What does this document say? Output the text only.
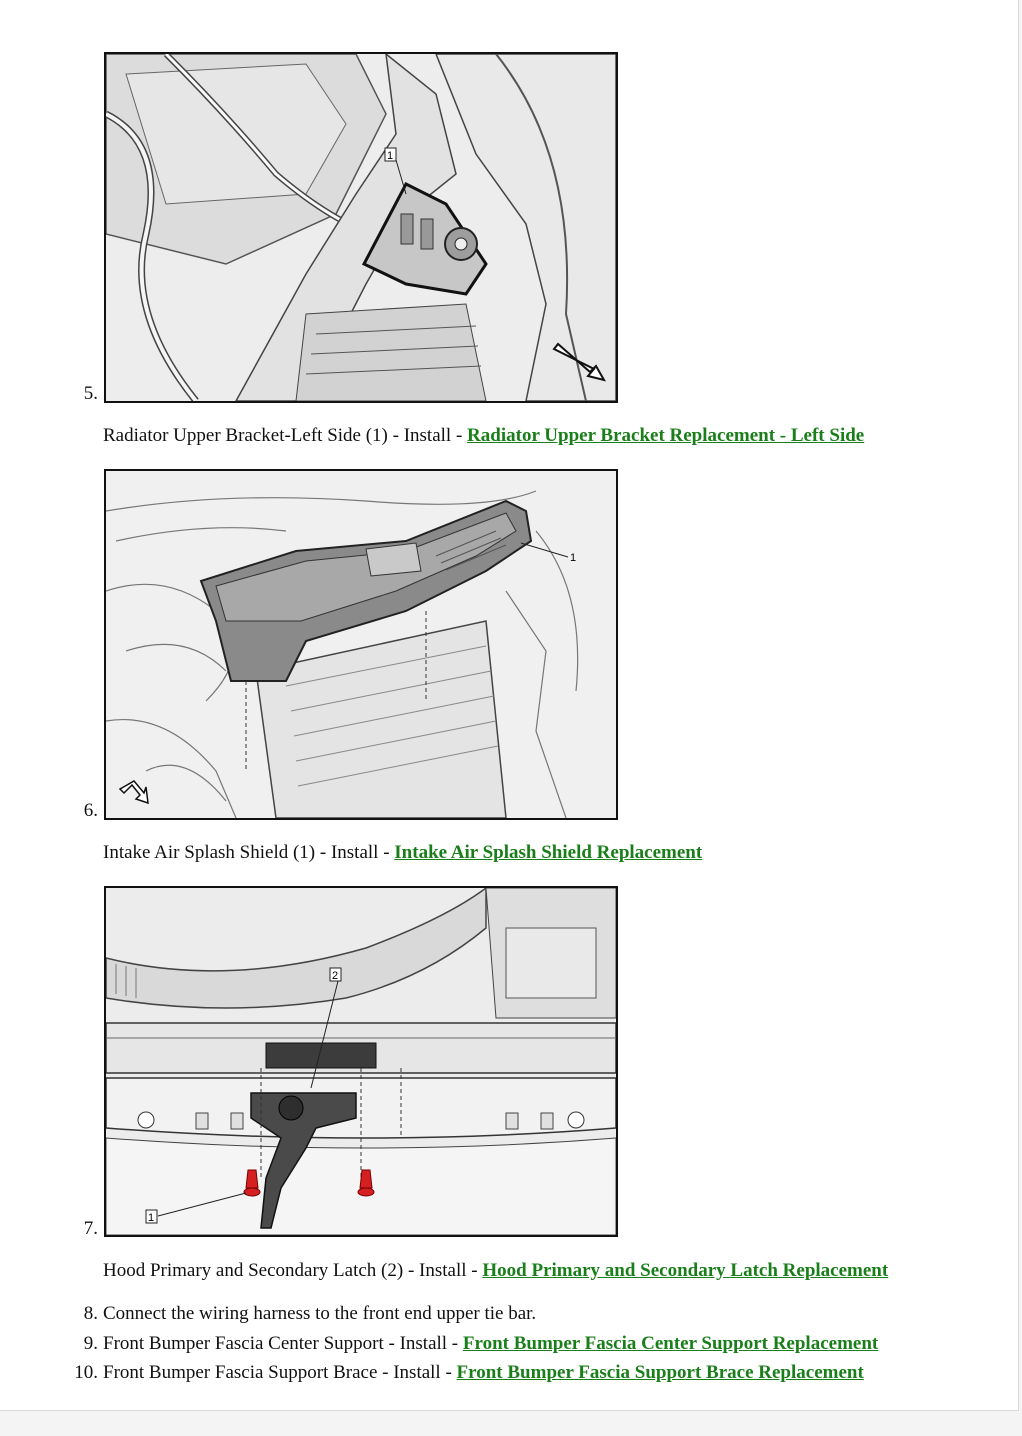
5.
1
Radiator Upper Bracket-Left Side (1) - Install - Radiator Upper Bracket Replacement - Left Side
6.
1
Intake Air Splash Shield (1) - Install - Intake Air Splash Shield Replacement
7.
2
1
Hood Primary and Secondary Latch (2) - Install - Hood Primary and Secondary Latch Replacement
8. Connect the wiring harness to the front end upper tie bar.
9. Front Bumper Fascia Center Support - Install - Front Bumper Fascia Center Support Replacement
10. Front Bumper Fascia Support Brace - Install - Front Bumper Fascia Support Brace Replacement
